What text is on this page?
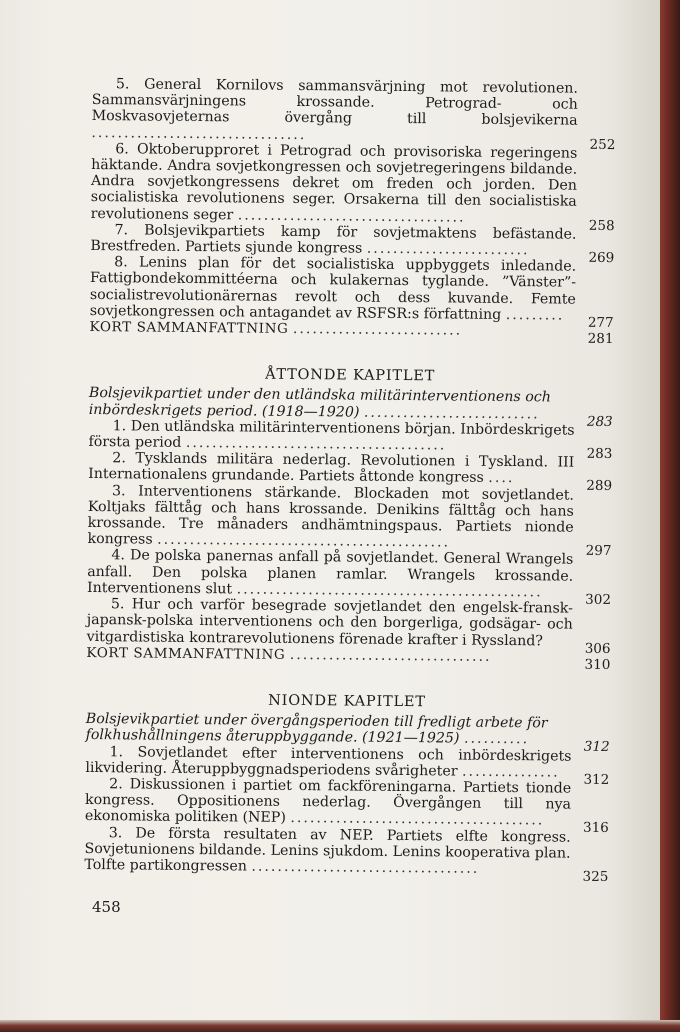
5. General Kornilovs sammansvärjning mot revolutionen. Sammansvärjningens krossande. Petrograd- och Moskvasovjeternas övergång till bolsjevikerna .................................
252

6. Oktoberupproret i Petrograd och provisoriska regeringens häktande. Andra sovjetkongressen och sovjetregeringens bildande. Andra sovjetkongressens dekret om freden och jorden. Den socialistiska revolutionens seger. Orsakerna till den socialistiska revolutionens seger ...................................
258

7. Bolsjevikpartiets kamp för sovjetmaktens befästande. Brestfreden. Partiets sjunde kongress .........................	269

8. Lenins plan för det socialistiska uppbyggets inledande. Fattigbondekommittéerna och kulakernas tyglande. ”Vänster”-socialistrevolutionärernas revolt och dess kuvande. Femte sovjetkongressen och antagandet av RSFSR:s författning .........	277

KORT SAMMANFATTNING ..........................
281

ÅTTONDE KAPITLET

Bolsjevikpartiet under den utländska militärinterventionens och inbördeskrigets period. (1918—1920) ...........................	283

1. Den utländska militärinterventionens början. Inbördeskrigets första period ........................................
283

2. Tysklands militära nederlag. Revolutionen i Tyskland. III Internationalens grundande. Partiets åttonde kongress ....	289

3. Interventionens stärkande. Blockaden mot sovjetlandet. Koltjaks fälttåg och hans krossande. Denikins fälttåg och hans krossande. Tre månaders andhämtningspaus. Partiets nionde kongress .............................................
297

4. De polska panernas anfall på sovjetlandet. General Wrangels anfall. Den polska planen ramlar. Wrangels krossande. Interventionens slut ...............................................	302

5. Hur och varför besegrade sovjetlandet den engelsk-fransk-japansk-polska interventionens och den borgerliga, godsägar- och vitgardistiska kontrarevolutionens förenade krafter i Ryssland?	306

KORT SAMMANFATTNING ...............................
310

NIONDE KAPITLET

Bolsjevikpartiet under övergångsperioden till fredligt arbete för folkhushållningens återuppbyggande. (1921—1925) ..........	312

1. Sovjetlandet efter interventionens och inbördeskrigets likvidering. Återuppbyggnadsperiodens svårigheter ...............	312

2. Diskussionen i partiet om fackföreningarna. Partiets tionde kongress. Oppositionens nederlag. Övergången till nya ekonomiska politiken (NEP) .......................................	316

3. De första resultaten av NEP. Partiets elfte kongress. Sovjetunionens bildande. Lenins sjukdom. Lenins kooperativa plan. Tolfte partikongressen ...................................
325

458
